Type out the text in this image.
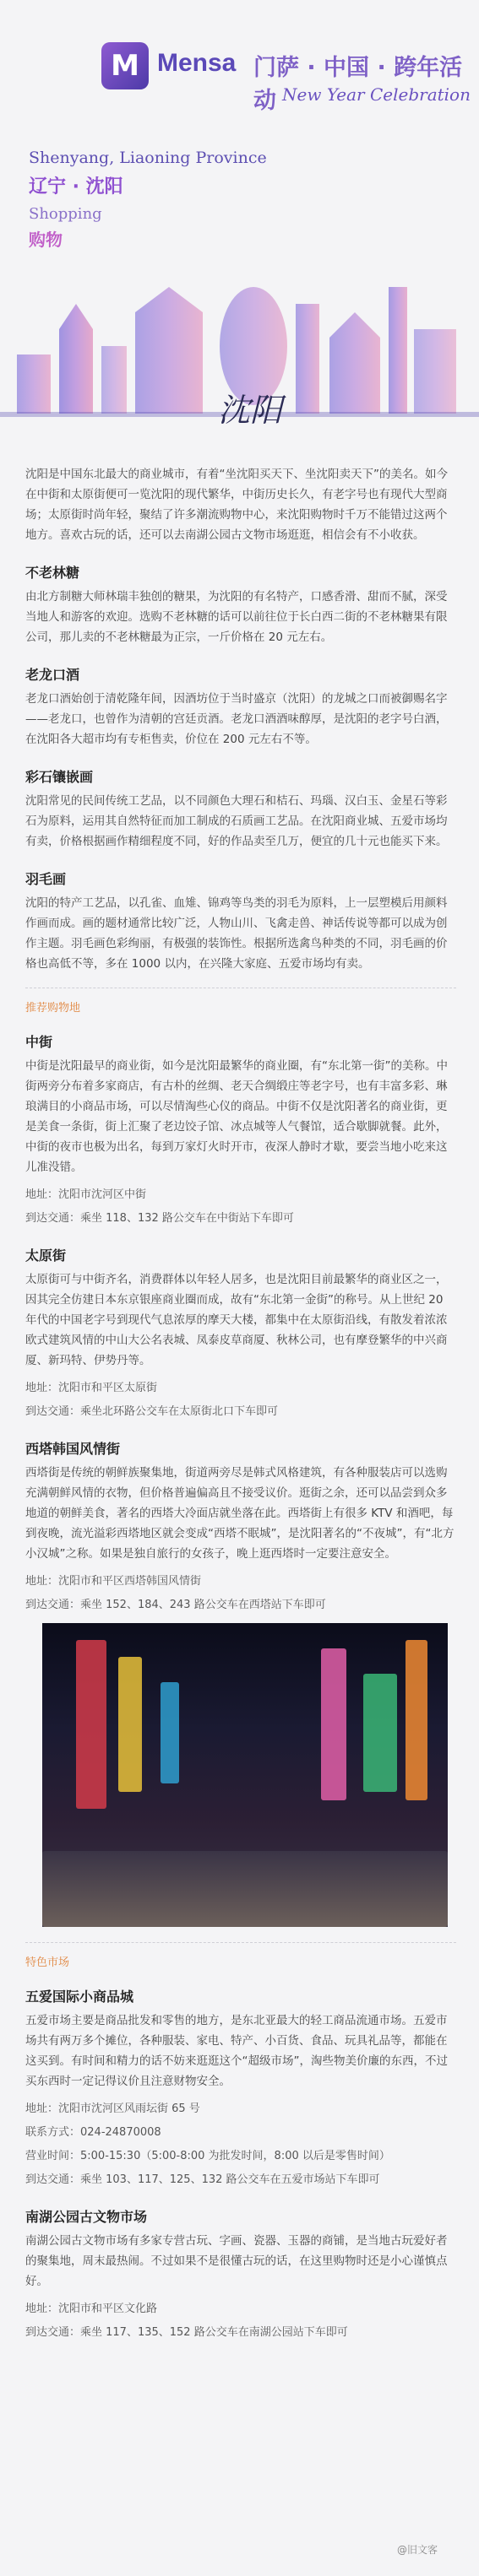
M Mensa 门萨 · 中国 · 跨年活动 New Year Celebration
Shenyang, Liaoning Province
辽宁 · 沈阳
Shopping
购物
沈阳

沈阳是中国东北最大的商业城市，有着“坐沈阳买天下、坐沈阳卖天下”的美名。如今在中街和太原街便可一览沈阳的现代繁华，中街历史长久，有老字号也有现代大型商场；太原街时尚年轻，聚结了许多潮流购物中心，来沈阳购物时千万不能错过这两个地方。喜欢古玩的话，还可以去南湖公园古文物市场逛逛，相信会有不小收获。

不老林糖

由北方制糖大师林瑞丰独创的糖果，为沈阳的有名特产，口感香滑、甜而不腻，深受当地人和游客的欢迎。选购不老林糖的话可以前往位于长白西二街的不老林糖果有限公司，那儿卖的不老林糖最为正宗，一斤价格在 20 元左右。

老龙口酒

老龙口酒始创于清乾隆年间，因酒坊位于当时盛京（沈阳）的龙城之口而被御赐名字——老龙口，也曾作为清朝的宫廷贡酒。老龙口酒酒味醇厚，是沈阳的老字号白酒，在沈阳各大超市均有专柜售卖，价位在 200 元左右不等。

彩石镶嵌画

沈阳常见的民间传统工艺品，以不同颜色大理石和桔石、玛瑙、汉白玉、金星石等彩石为原料，运用其自然特征而加工制成的石质画工艺品。在沈阳商业城、五爱市场均有卖，价格根据画作精细程度不同，好的作品卖至几万，便宜的几十元也能买下来。

羽毛画

沈阳的特产工艺品，以孔雀、血雉、锦鸡等鸟类的羽毛为原料，上一层塑模后用颜料作画而成。画的题材通常比较广泛，人物山川、飞禽走兽、神话传说等都可以成为创作主题。羽毛画色彩绚丽，有极强的装饰性。根据所选禽鸟种类的不同，羽毛画的价格也高低不等，多在 1000 以内，在兴隆大家庭、五爱市场均有卖。

推荐购物地
中街

中街是沈阳最早的商业街，如今是沈阳最繁华的商业圈，有“东北第一街”的美称。中街两旁分布着多家商店，有古朴的丝绸、老天合绸缎庄等老字号，也有丰富多彩、琳琅满目的小商品市场，可以尽情淘些心仪的商品。中街不仅是沈阳著名的商业街，更是美食一条街，街上汇聚了老边饺子馆、冰点城等人气餐馆，适合歇脚就餐。此外，中街的夜市也极为出名，每到万家灯火时开市，夜深人静时才歇，要尝当地小吃来这儿准没错。

地址：沈阳市沈河区中街
到达交通：乘坐 118、132 路公交车在中街站下车即可
太原街

太原街可与中街齐名，消费群体以年轻人居多，也是沈阳目前最繁华的商业区之一，因其完全仿建日本东京银座商业圈而成，故有“东北第一金街”的称号。从上世纪 20 年代的中国老字号到现代气息浓厚的摩天大楼，都集中在太原街沿线，有散发着浓浓欧式建筑风情的中山大公名表城、凤泰皮草商厦、秋林公司，也有摩登繁华的中兴商厦、新玛特、伊势丹等。

地址：沈阳市和平区太原街
到达交通：乘坐北环路公交车在太原街北口下车即可
西塔韩国风情街

西塔街是传统的朝鲜族聚集地，街道两旁尽是韩式风格建筑，有各种服装店可以选购充满朝鲜风情的衣物，但价格普遍偏高且不接受议价。逛街之余，还可以品尝到众多地道的朝鲜美食，著名的西塔大冷面店就坐落在此。西塔街上有很多 KTV 和酒吧，每到夜晚，流光溢彩西塔地区就会变成“西塔不眠城”，是沈阳著名的“不夜城”，有“北方小汉城”之称。如果是独自旅行的女孩子，晚上逛西塔时一定要注意安全。

地址：沈阳市和平区西塔韩国风情街
到达交通：乘坐 152、184、243 路公交车在西塔站下车即可
特色市场
五爱国际小商品城

五爱市场主要是商品批发和零售的地方，是东北亚最大的轻工商品流通市场。五爱市场共有两万多个摊位，各种服装、家电、特产、小百货、食品、玩具礼品等，都能在这买到。有时间和精力的话不妨来逛逛这个“超级市场”，淘些物美价廉的东西，不过买东西时一定记得议价且注意财物安全。

地址：沈阳市沈河区风雨坛街 65 号
联系方式：024-24870008
营业时间：5:00-15:30（5:00-8:00 为批发时间，8:00 以后是零售时间）
到达交通：乘坐 103、117、125、132 路公交车在五爱市场站下车即可
南湖公园古文物市场

南湖公园古文物市场有多家专营古玩、字画、瓷器、玉器的商铺，是当地古玩爱好者的聚集地，周末最热闹。不过如果不是很懂古玩的话，在这里购物时还是小心谨慎点好。

地址：沈阳市和平区文化路
到达交通：乘坐 117、135、152 路公交车在南湖公园站下车即可
@旧文客
